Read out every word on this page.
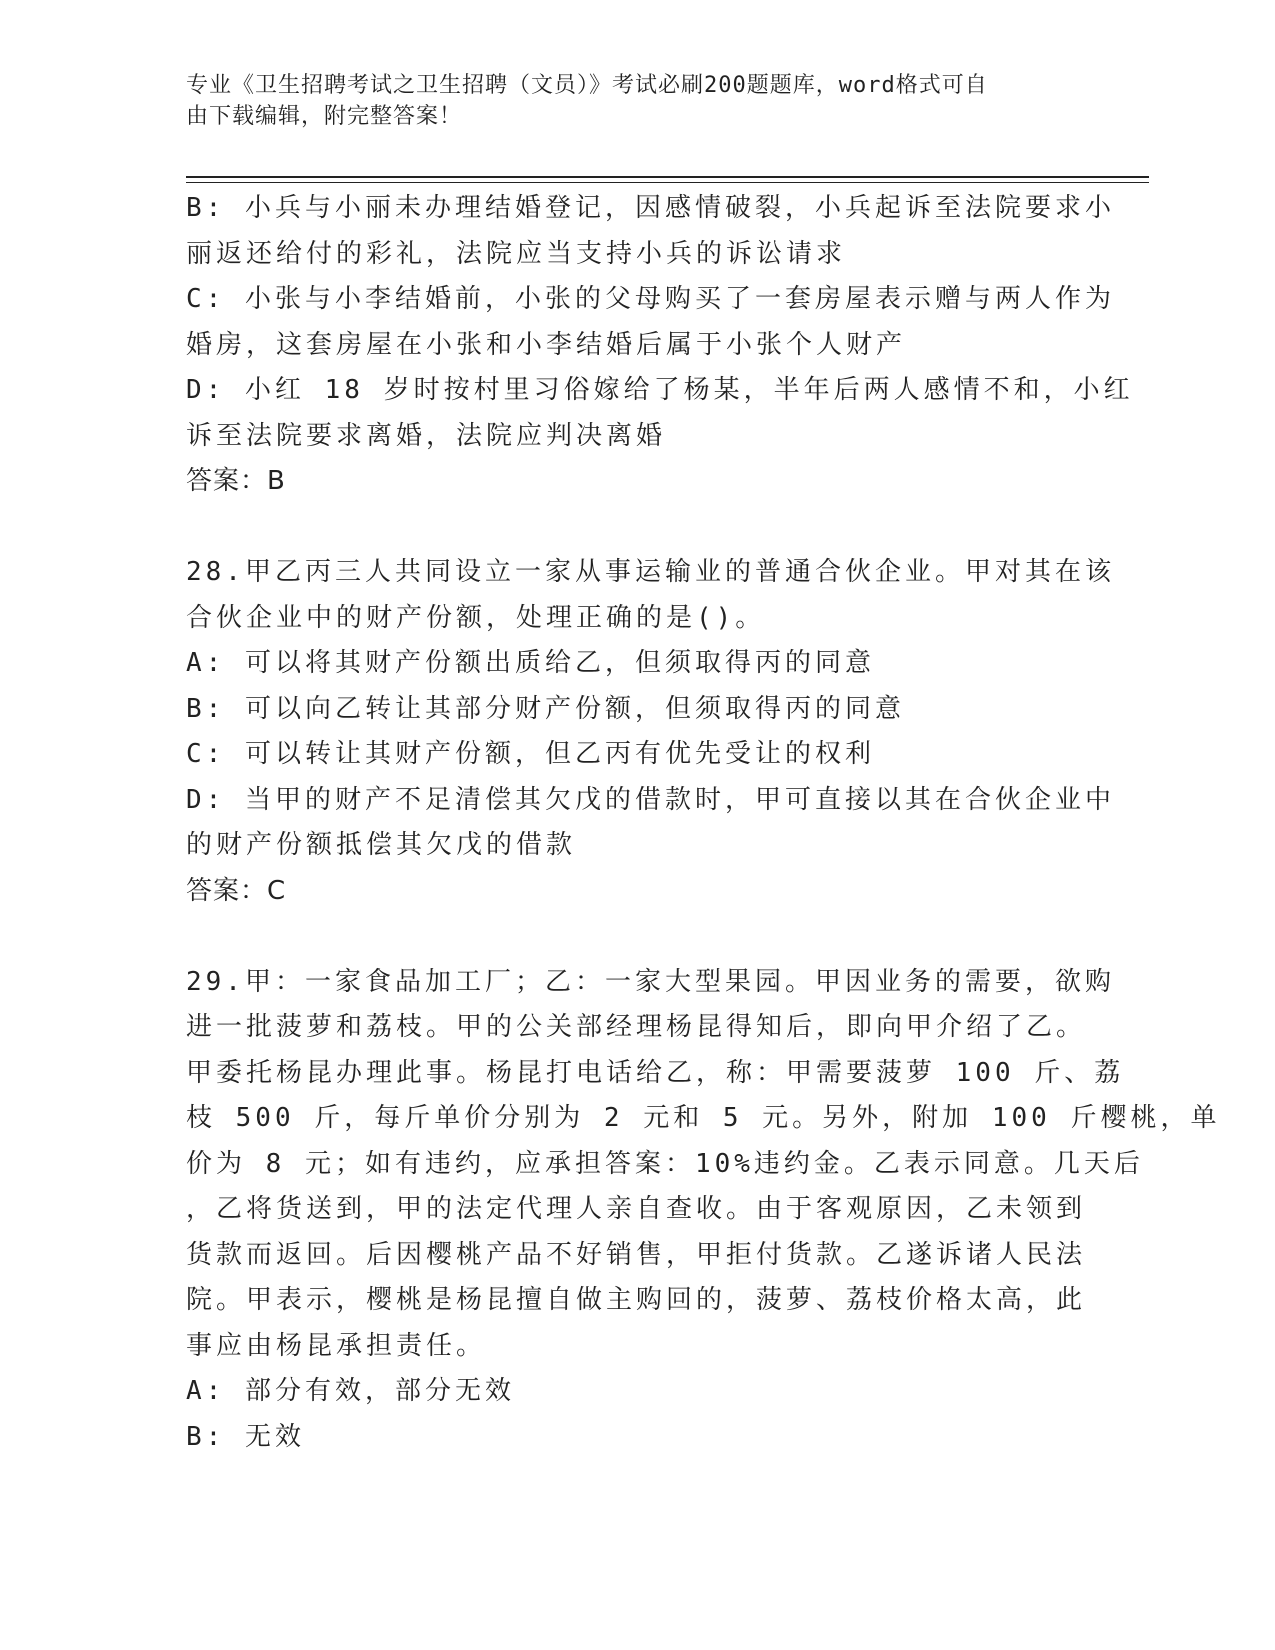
专业《卫生招聘考试之卫生招聘（文员）》考试必刷200题题库，word格式可自
由下载编辑，附完整答案！
B: 小兵与小丽未办理结婚登记，因感情破裂，小兵起诉至法院要求小
丽返还给付的彩礼，法院应当支持小兵的诉讼请求
C: 小张与小李结婚前，小张的父母购买了一套房屋表示赠与两人作为
婚房，这套房屋在小张和小李结婚后属于小张个人财产
D: 小红 18 岁时按村里习俗嫁给了杨某，半年后两人感情不和，小红
诉至法院要求离婚，法院应判决离婚
答案：B
28.甲乙丙三人共同设立一家从事运输业的普通合伙企业。甲对其在该
合伙企业中的财产份额，处理正确的是()。
A: 可以将其财产份额出质给乙，但须取得丙的同意
B: 可以向乙转让其部分财产份额，但须取得丙的同意
C: 可以转让其财产份额，但乙丙有优先受让的权利
D: 当甲的财产不足清偿其欠戊的借款时，甲可直接以其在合伙企业中
的财产份额抵偿其欠戊的借款
答案：C
29.甲：一家食品加工厂；乙：一家大型果园。甲因业务的需要，欲购
进一批菠萝和荔枝。甲的公关部经理杨昆得知后，即向甲介绍了乙。
甲委托杨昆办理此事。杨昆打电话给乙，称：甲需要菠萝 100 斤、荔
枝 500 斤，每斤单价分别为 2 元和 5 元。另外，附加 100 斤樱桃，单
价为 8 元；如有违约，应承担答案：10%违约金。乙表示同意。几天后
，乙将货送到，甲的法定代理人亲自查收。由于客观原因，乙未领到
货款而返回。后因樱桃产品不好销售，甲拒付货款。乙遂诉诸人民法
院。甲表示，樱桃是杨昆擅自做主购回的，菠萝、荔枝价格太高，此
事应由杨昆承担责任。
A: 部分有效，部分无效
B: 无效
